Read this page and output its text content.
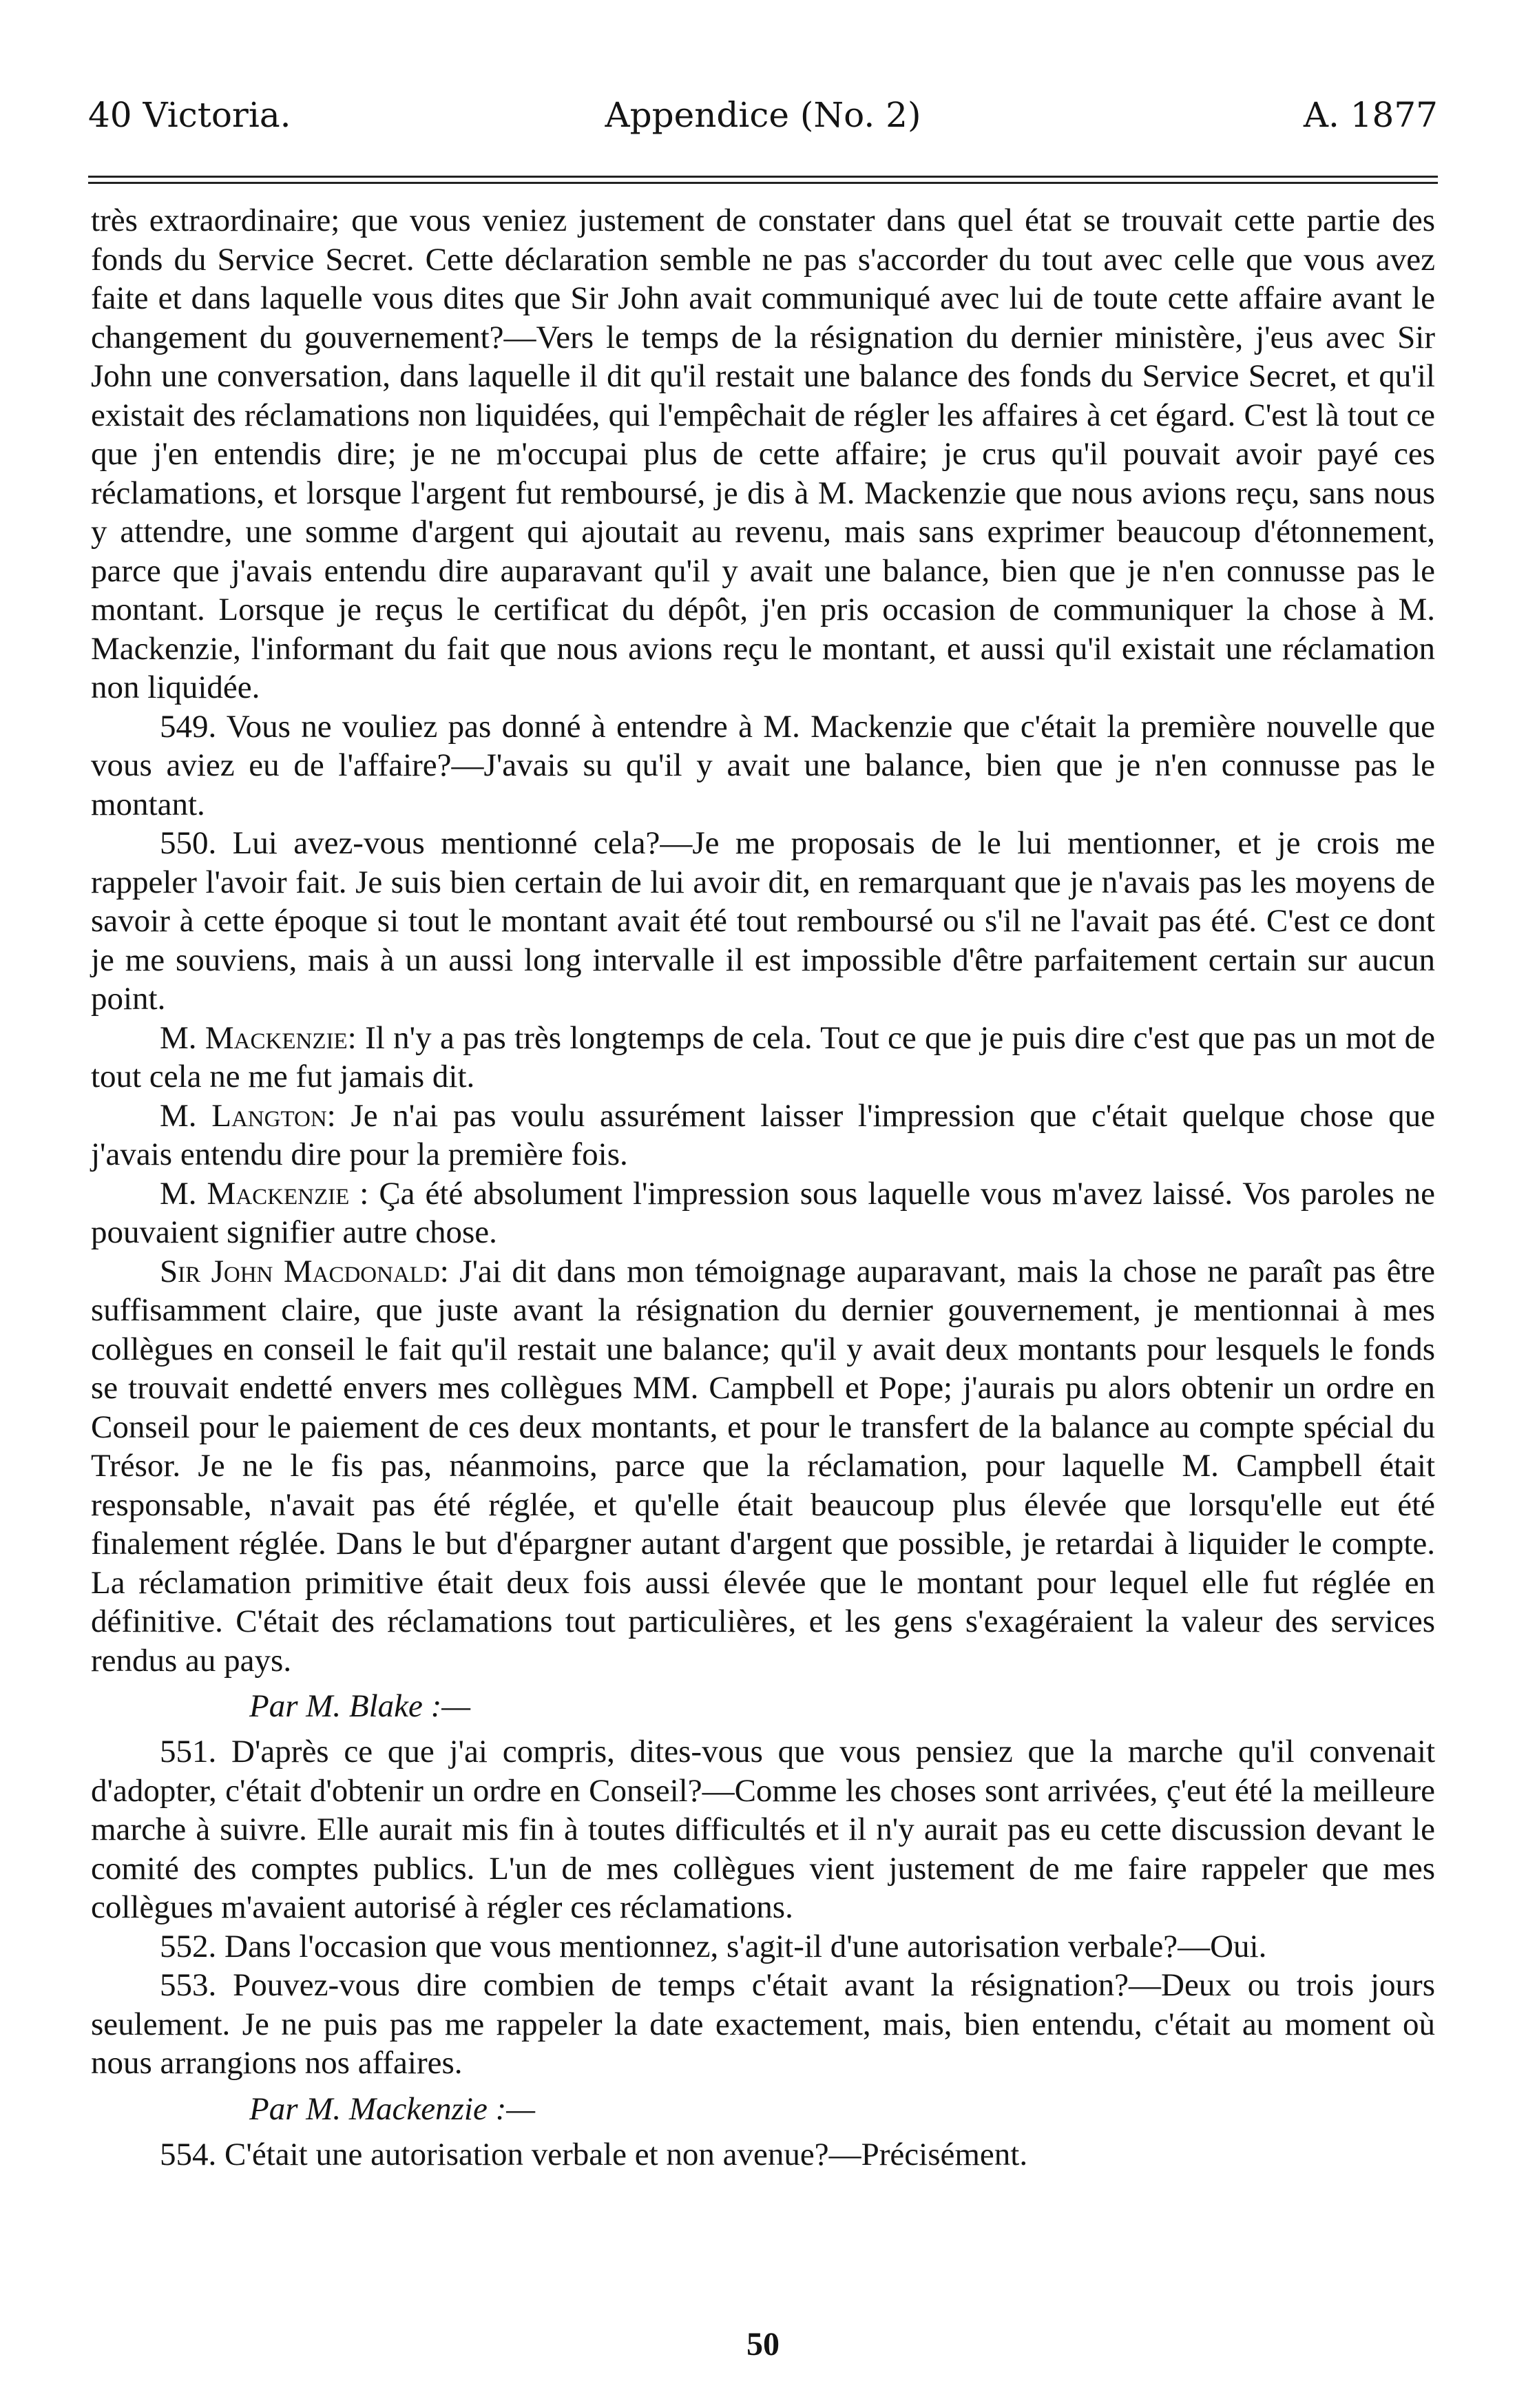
40 Victoria.	Appendice (No. 2)	A. 1877

très extraordinaire; que vous veniez justement de constater dans quel état se trouvait cette partie des fonds du Service Secret. Cette déclaration semble ne pas s'accorder du tout avec celle que vous avez faite et dans laquelle vous dites que Sir John avait communiqué avec lui de toute cette affaire avant le changement du gouvernement?—Vers le temps de la résignation du dernier ministère, j'eus avec Sir John une conversation, dans laquelle il dit qu'il restait une balance des fonds du Service Secret, et qu'il existait des réclamations non liquidées, qui l'empêchait de régler les affaires à cet égard. C'est là tout ce que j'en entendis dire; je ne m'occupai plus de cette affaire; je crus qu'il pouvait avoir payé ces réclamations, et lorsque l'argent fut remboursé, je dis à M. Mackenzie que nous avions reçu, sans nous y attendre, une somme d'argent qui ajoutait au revenu, mais sans exprimer beaucoup d'étonnement, parce que j'avais entendu dire auparavant qu'il y avait une balance, bien que je n'en connusse pas le montant. Lorsque je reçus le certificat du dépôt, j'en pris occasion de communiquer la chose à M. Mackenzie, l'informant du fait que nous avions reçu le montant, et aussi qu'il existait une réclamation non liquidée.

549. Vous ne vouliez pas donné à entendre à M. Mackenzie que c'était la première nouvelle que vous aviez eu de l'affaire?—J'avais su qu'il y avait une balance, bien que je n'en connusse pas le montant.

550. Lui avez-vous mentionné cela?—Je me proposais de le lui mentionner, et je crois me rappeler l'avoir fait. Je suis bien certain de lui avoir dit, en remarquant que je n'avais pas les moyens de savoir à cette époque si tout le montant avait été tout remboursé ou s'il ne l'avait pas été. C'est ce dont je me souviens, mais à un aussi long intervalle il est impossible d'être parfaitement certain sur aucun point.

M. Mackenzie: Il n'y a pas très longtemps de cela. Tout ce que je puis dire c'est que pas un mot de tout cela ne me fut jamais dit.

M. Langton: Je n'ai pas voulu assurément laisser l'impression que c'était quelque chose que j'avais entendu dire pour la première fois.

M. Mackenzie : Ça été absolument l'impression sous laquelle vous m'avez laissé. Vos paroles ne pouvaient signifier autre chose.

Sir John Macdonald: J'ai dit dans mon témoignage auparavant, mais la chose ne paraît pas être suffisamment claire, que juste avant la résignation du dernier gouvernement, je mentionnai à mes collègues en conseil le fait qu'il restait une balance; qu'il y avait deux montants pour lesquels le fonds se trouvait endetté envers mes collègues MM. Campbell et Pope; j'aurais pu alors obtenir un ordre en Conseil pour le paiement de ces deux montants, et pour le transfert de la balance au compte spécial du Trésor. Je ne le fis pas, néanmoins, parce que la réclamation, pour laquelle M. Campbell était responsable, n'avait pas été réglée, et qu'elle était beaucoup plus élevée que lorsqu'elle eut été finalement réglée. Dans le but d'épargner autant d'argent que possible, je retardai à liquider le compte. La réclamation primitive était deux fois aussi élevée que le montant pour lequel elle fut réglée en définitive. C'était des réclamations tout particulières, et les gens s'exagéraient la valeur des services rendus au pays.

Par M. Blake :—

551. D'après ce que j'ai compris, dites-vous que vous pensiez que la marche qu'il convenait d'adopter, c'était d'obtenir un ordre en Conseil?—Comme les choses sont arrivées, ç'eut été la meilleure marche à suivre. Elle aurait mis fin à toutes difficultés et il n'y aurait pas eu cette discussion devant le comité des comptes publics. L'un de mes collègues vient justement de me faire rappeler que mes collègues m'avaient autorisé à régler ces réclamations.

552. Dans l'occasion que vous mentionnez, s'agit-il d'une autorisation verbale?—Oui.

553. Pouvez-vous dire combien de temps c'était avant la résignation?—Deux ou trois jours seulement. Je ne puis pas me rappeler la date exactement, mais, bien entendu, c'était au moment où nous arrangions nos affaires.

Par M. Mackenzie :—

554. C'était une autorisation verbale et non avenue?—Précisément.

50
